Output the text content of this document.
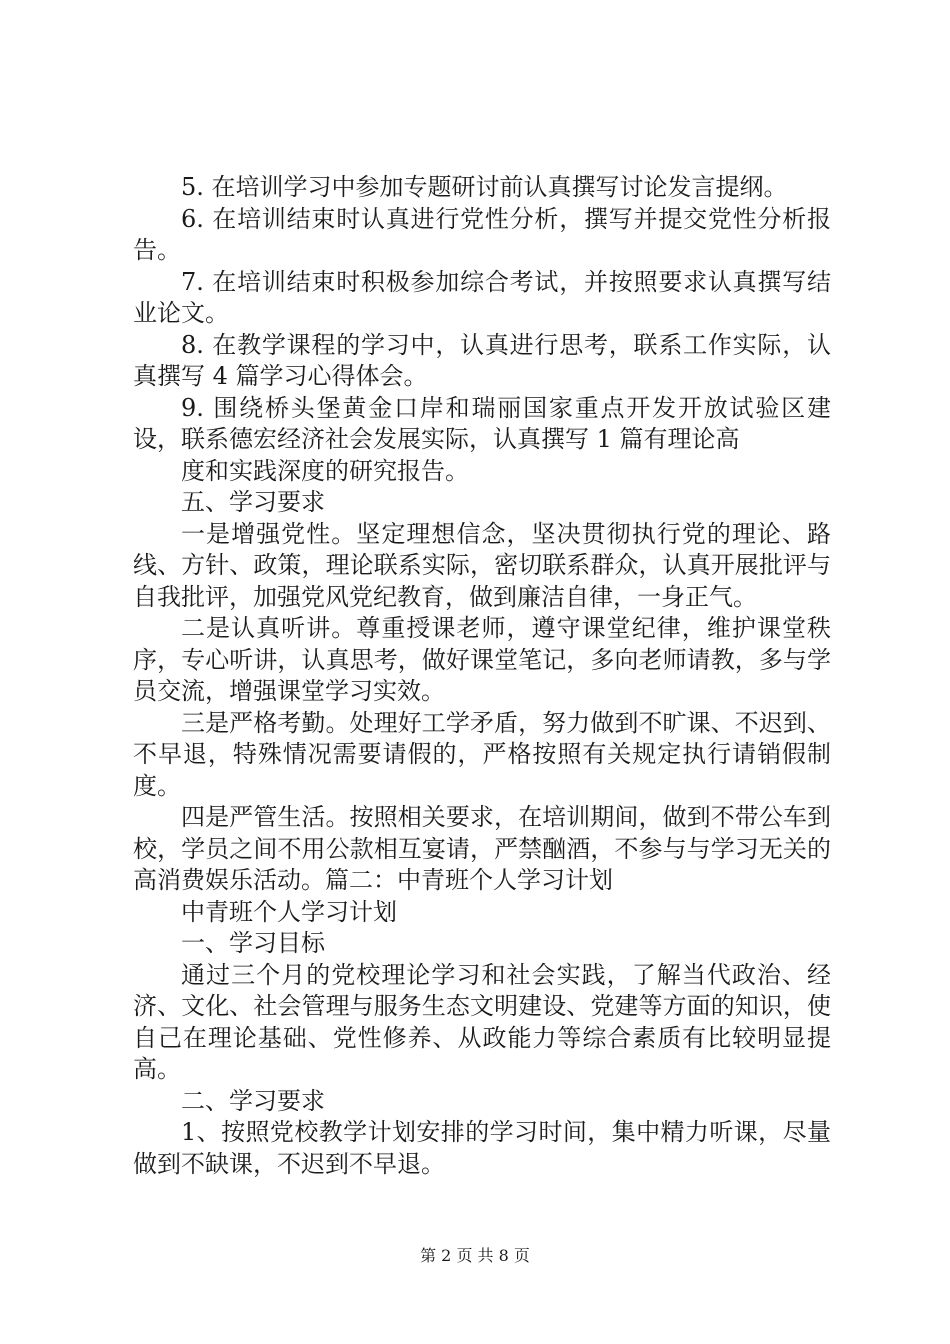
5. 在培训学习中参加专题研讨前认真撰写讨论发言提纲。

6. 在培训结束时认真进行党性分析，撰写并提交党性分析报告。

7. 在培训结束时积极参加综合考试，并按照要求认真撰写结业论文。

8. 在教学课程的学习中，认真进行思考，联系工作实际，认真撰写 4 篇学习心得体会。

9. 围绕桥头堡黄金口岸和瑞丽国家重点开发开放试验区建设，联系德宏经济社会发展实际，认真撰写 1 篇有理论高

度和实践深度的研究报告。

五、学习要求

一是增强党性。坚定理想信念，坚决贯彻执行党的理论、路线、方针、政策，理论联系实际，密切联系群众，认真开展批评与自我批评，加强党风党纪教育，做到廉洁自律，一身正气。

二是认真听讲。尊重授课老师，遵守课堂纪律，维护课堂秩序，专心听讲，认真思考，做好课堂笔记，多向老师请教，多与学员交流，增强课堂学习实效。

三是严格考勤。处理好工学矛盾，努力做到不旷课、不迟到、不早退，特殊情况需要请假的，严格按照有关规定执行请销假制度。

四是严管生活。按照相关要求，在培训期间，做到不带公车到校，学员之间不用公款相互宴请，严禁酗酒，不参与与学习无关的高消费娱乐活动。篇二：中青班个人学习计划

中青班个人学习计划

一、学习目标

通过三个月的党校理论学习和社会实践，了解当代政治、经济、文化、社会管理与服务生态文明建设、党建等方面的知识，使自己在理论基础、党性修养、从政能力等综合素质有比较明显提高。

二、学习要求

1、按照党校教学计划安排的学习时间，集中精力听课，尽量做到不缺课，不迟到不早退。

第 2 页 共 8 页
